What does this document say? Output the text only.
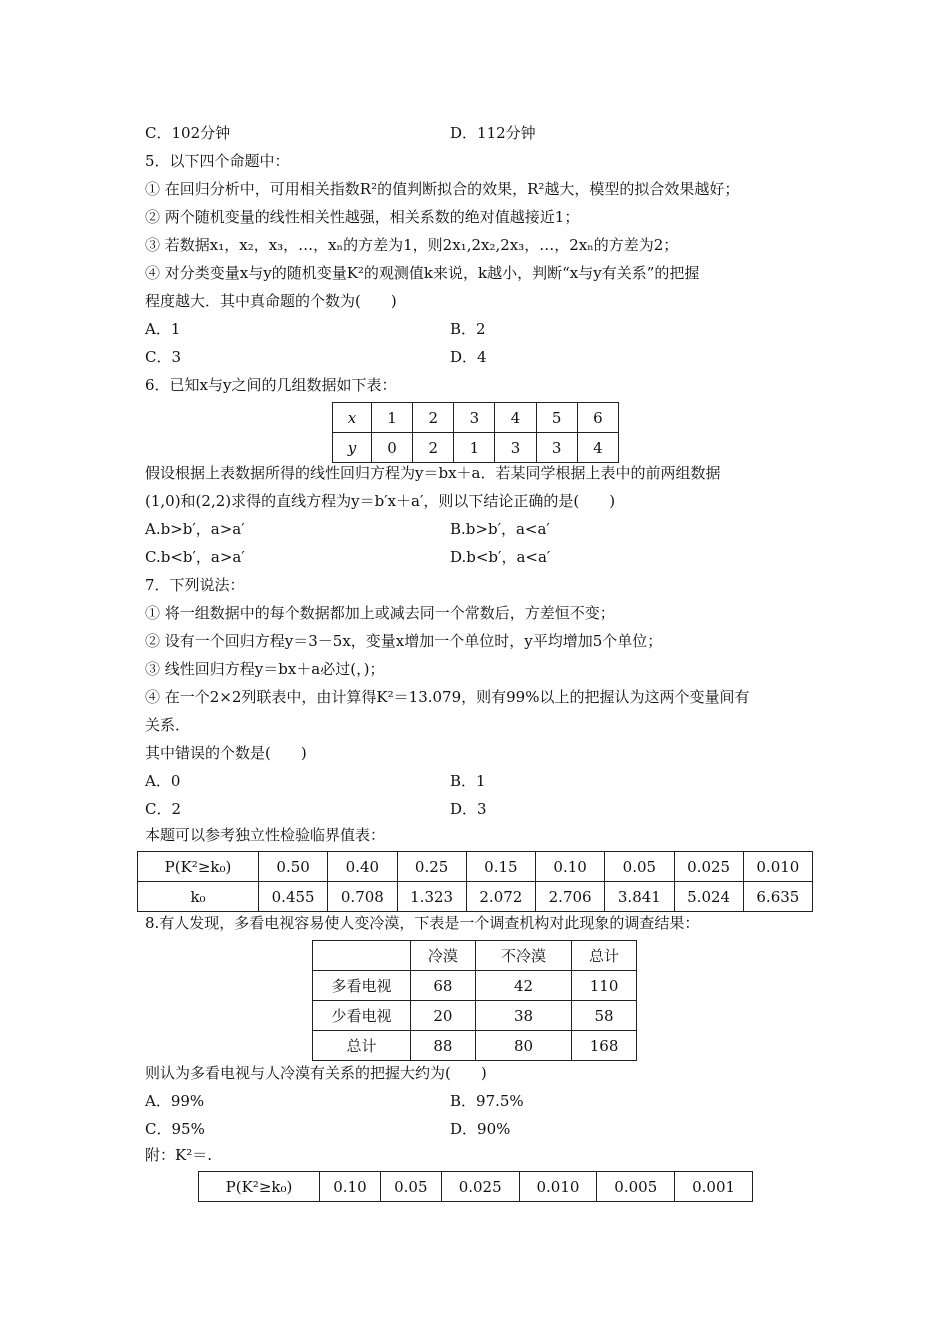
C．102分钟	D．112分钟
5．以下四个命题中：
① 在回归分析中，可用相关指数R²的值判断拟合的效果，R²越大，模型的拟合效果越好；
② 两个随机变量的线性相关性越强，相关系数的绝对值越接近1；
③ 若数据x₁，x₂，x₃，…，xₙ的方差为1，则2x₁,2x₂,2x₃，…，2xₙ的方差为2；
④ 对分类变量x与y的随机变量K²的观测值k来说，k越小，判断“x与y有关系”的把握
程度越大．其中真命题的个数为(　　)
A．1	B．2
C．3	D．4
6．已知x与y之间的几组数据如下表：
x	1	2	3	4	5	6
y	0	2	1	3	3	4
假设根据上表数据所得的线性回归方程为y＝bx＋a．若某同学根据上表中的前两组数据
(1,0)和(2,2)求得的直线方程为y＝b′x＋a′，则以下结论正确的是(　　)
A.b>b′，a>a′	B.b>b′，a<a′
C.b<b′，a>a′	D.b<b′，a<a′
7．下列说法：
① 将一组数据中的每个数据都加上或减去同一个常数后，方差恒不变；
② 设有一个回归方程y＝3－5x，变量x增加一个单位时，y平均增加5个单位；
③ 线性回归方程y＝bx＋a必过(，)；
④ 在一个2×2列联表中，由计算得K²＝13.079，则有99%以上的把握认为这两个变量间有
关系．
其中错误的个数是(　　)
A．0	B．1
C．2	D．3
本题可以参考独立性检验临界值表：
P(K²≥k₀)	0.50	0.40	0.25	0.15	0.10	0.05	0.025	0.010
k₀	0.455	0.708	1.323	2.072	2.706	3.841	5.024	6.635
8.有人发现，多看电视容易使人变冷漠，下表是一个调查机构对此现象的调查结果：
	冷漠	不冷漠	总计
多看电视	68	42	110
少看电视	20	38	58
总计	88	80	168
则认为多看电视与人冷漠有关系的把握大约为(　　)
A．99%	B．97.5%
C．95%	D．90%
附：K²＝.
P(K²≥k₀)	0.10	0.05	0.025	0.010	0.005	0.001
